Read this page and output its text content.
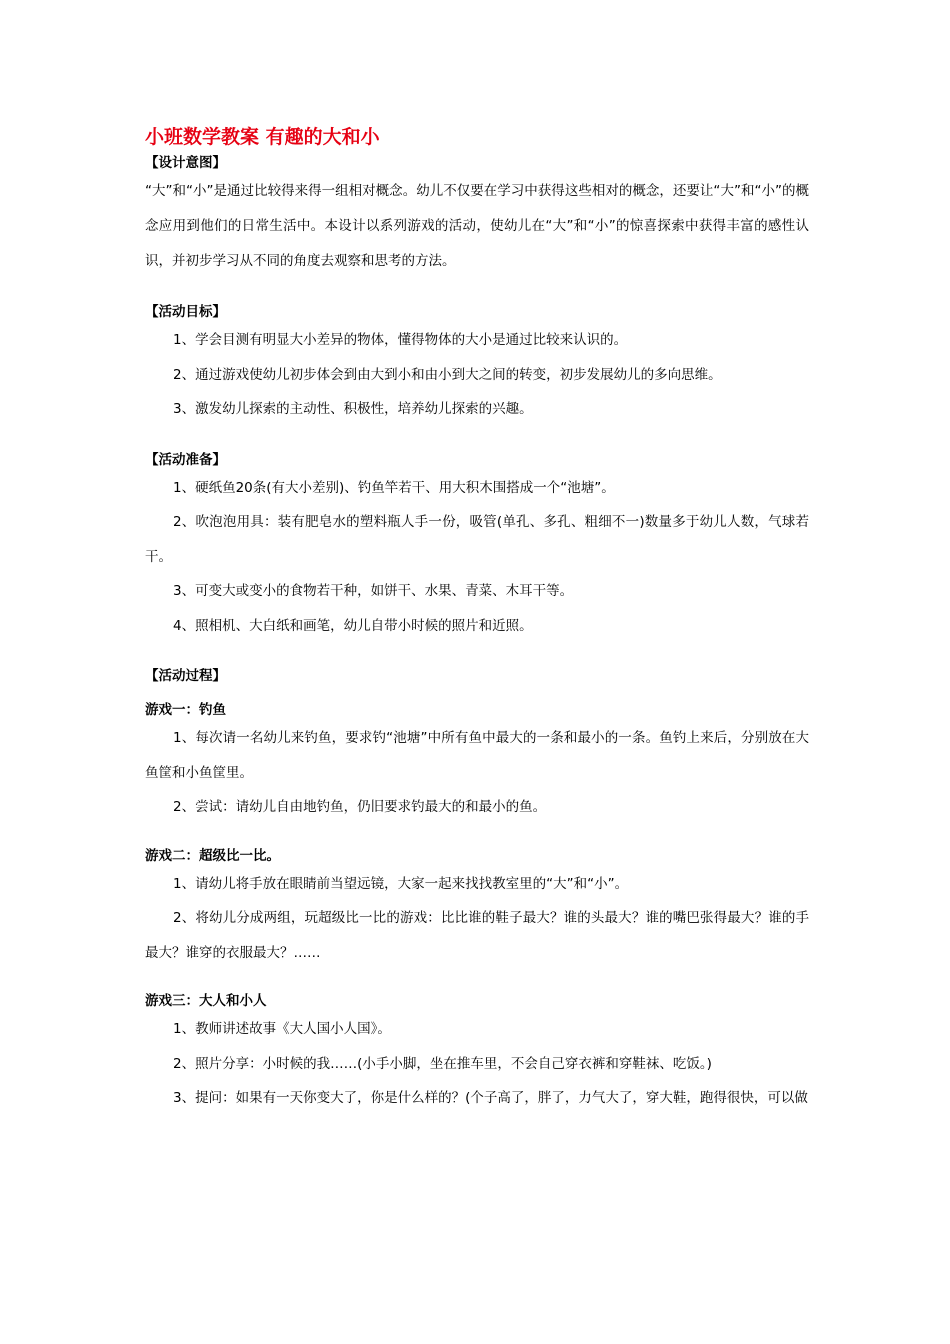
小班数学教案 有趣的大和小
【设计意图】

“大”和“小”是通过比较得来得一组相对概念。幼儿不仅要在学习中获得这些相对的概念，还要让“大”和“小”的概念应用到他们的日常生活中。本设计以系列游戏的活动，使幼儿在“大”和“小”的惊喜探索中获得丰富的感性认识，并初步学习从不同的角度去观察和思考的方法。

【活动目标】

1、学会目测有明显大小差异的物体，懂得物体的大小是通过比较来认识的。

2、通过游戏使幼儿初步体会到由大到小和由小到大之间的转变，初步发展幼儿的多向思维。

3、激发幼儿探索的主动性、积极性，培养幼儿探索的兴趣。

【活动准备】

1、硬纸鱼20条(有大小差别)、钓鱼竿若干、用大积木围搭成一个“池塘”。

2、吹泡泡用具：装有肥皂水的塑料瓶人手一份，吸管(单孔、多孔、粗细不一)数量多于幼儿人数，气球若干。

3、可变大或变小的食物若干种，如饼干、水果、青菜、木耳干等。

4、照相机、大白纸和画笔，幼儿自带小时候的照片和近照。

【活动过程】
游戏一：钓鱼

1、每次请一名幼儿来钓鱼，要求钓“池塘”中所有鱼中最大的一条和最小的一条。鱼钓上来后，分别放在大鱼筐和小鱼筐里。

2、尝试：请幼儿自由地钓鱼，仍旧要求钓最大的和最小的鱼。

游戏二：超级比一比。

1、请幼儿将手放在眼睛前当望远镜，大家一起来找找教室里的“大”和“小”。

2、将幼儿分成两组，玩超级比一比的游戏：比比谁的鞋子最大？谁的头最大？谁的嘴巴张得最大？谁的手最大？谁穿的衣服最大？……

游戏三：大人和小人

1、教师讲述故事《大人国小人国》。

2、照片分享：小时候的我……(小手小脚，坐在推车里，不会自己穿衣裤和穿鞋袜、吃饭。)

3、提问：如果有一天你变大了，你是什么样的？(个子高了，胖了，力气大了，穿大鞋，跑得很快，可以做
